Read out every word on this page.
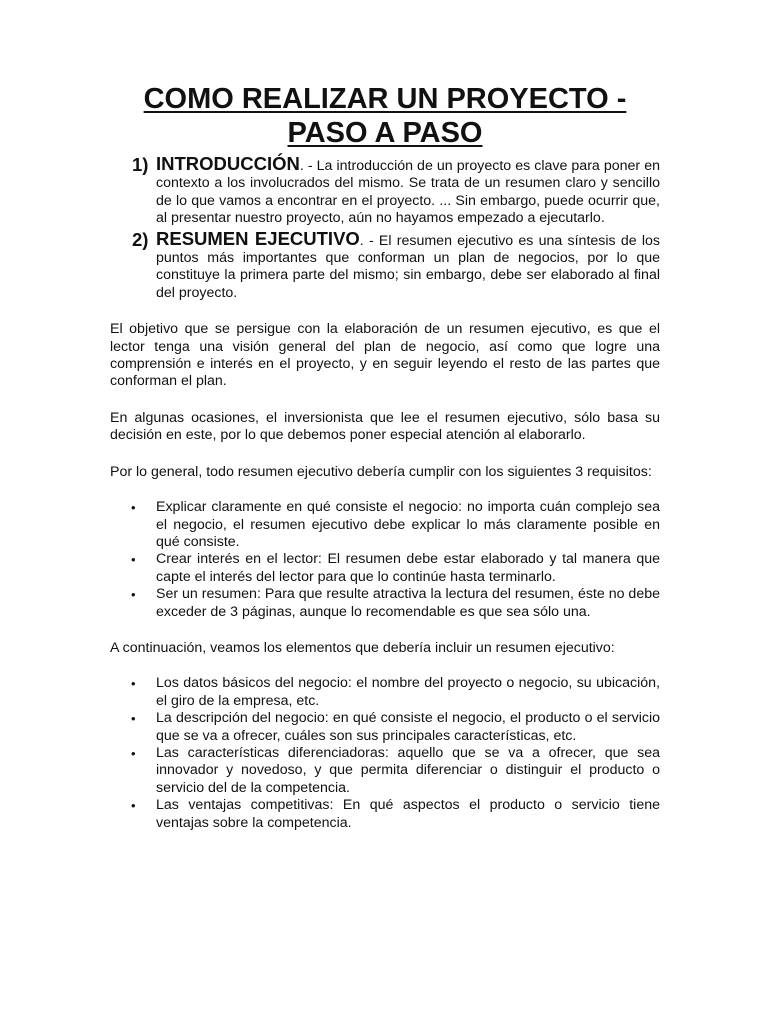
COMO REALIZAR UN PROYECTO -
PASO A PASO
1) INTRODUCCIÓN. - La introducción de un proyecto es clave para poner en contexto a los involucrados del mismo. Se trata de un resumen claro y sencillo de lo que vamos a encontrar en el proyecto. ... Sin embargo, puede ocurrir que, al presentar nuestro proyecto, aún no hayamos empezado a ejecutarlo.
2) RESUMEN EJECUTIVO. - El resumen ejecutivo es una síntesis de los puntos más importantes que conforman un plan de negocios, por lo que constituye la primera parte del mismo; sin embargo, debe ser elaborado al final del proyecto.

El objetivo que se persigue con la elaboración de un resumen ejecutivo, es que el lector tenga una visión general del plan de negocio, así como que logre una comprensión e interés en el proyecto, y en seguir leyendo el resto de las partes que conforman el plan.

En algunas ocasiones, el inversionista que lee el resumen ejecutivo, sólo basa su decisión en este, por lo que debemos poner especial atención al elaborarlo.

Por lo general, todo resumen ejecutivo debería cumplir con los siguientes 3 requisitos:

• Explicar claramente en qué consiste el negocio: no importa cuán complejo sea el negocio, el resumen ejecutivo debe explicar lo más claramente posible en qué consiste.
• Crear interés en el lector: El resumen debe estar elaborado y tal manera que capte el interés del lector para que lo continúe hasta terminarlo.
• Ser un resumen: Para que resulte atractiva la lectura del resumen, éste no debe exceder de 3 páginas, aunque lo recomendable es que sea sólo una.

A continuación, veamos los elementos que debería incluir un resumen ejecutivo:

• Los datos básicos del negocio: el nombre del proyecto o negocio, su ubicación, el giro de la empresa, etc.
• La descripción del negocio: en qué consiste el negocio, el producto o el servicio que se va a ofrecer, cuáles son sus principales características, etc.
• Las características diferenciadoras: aquello que se va a ofrecer, que sea innovador y novedoso, y que permita diferenciar o distinguir el producto o servicio del de la competencia.
• Las ventajas competitivas: En qué aspectos el producto o servicio tiene ventajas sobre la competencia.
